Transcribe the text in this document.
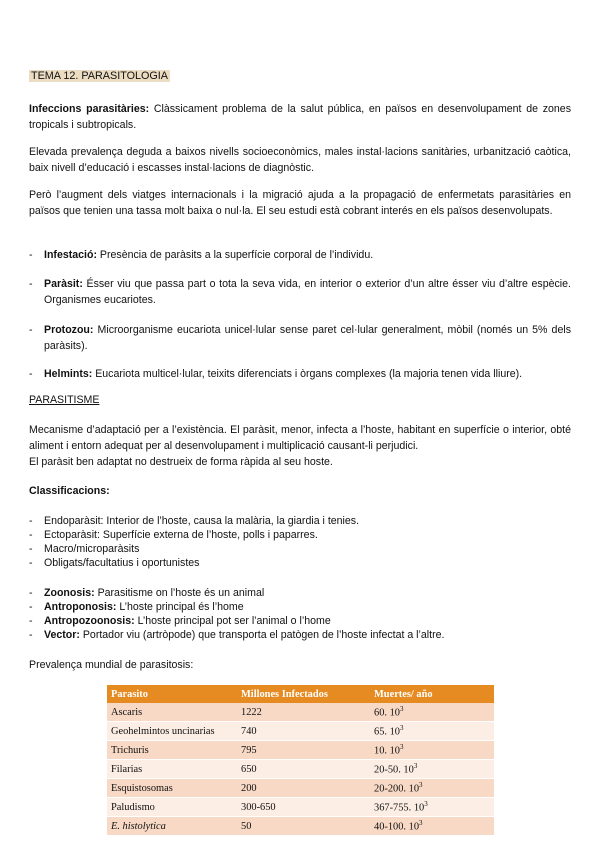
TEMA 12. PARASITOLOGIA
Infeccions parasitàries: Clàssicament problema de la salut pública, en països en desenvolupament de zones tropicals i subtropicals.
Elevada prevalença deguda a baixos nivells socioeconòmics, males instal·lacions sanitàries, urbanització caòtica, baix nivell d’educació i escasses instal·lacions de diagnòstic.
Però l’augment dels viatges internacionals i la migració ajuda a la propagació de enfermetats parasitàries en països que tenien una tassa molt baixa o nul·la. El seu estudi està cobrant interés en els països desenvolupats.
- Infestació: Presència de paràsits a la superfície corporal de l’individu.
- Paràsit: Ésser viu que passa part o tota la seva vida, en interior o exterior d’un altre ésser viu d’altre espècie. Organismes eucariotes.
- Protozou: Microorganisme eucariota unicel·lular sense paret cel·lular generalment, mòbil (només un 5% dels paràsits).
- Helmints: Eucariota multicel·lular, teixits diferenciats i òrgans complexes (la majoria tenen vida lliure).
PARASITISME
Mecanisme d’adaptació per a l’existència. El paràsit, menor, infecta a l’hoste, habitant en superfície o interior, obté aliment i entorn adequat per al desenvolupament i multiplicació causant-li perjudici.
El paràsit ben adaptat no destrueix de forma ràpida al seu hoste.
Classificacions:
- Endoparàsit: Interior de l’hoste, causa la malària, la giardia i tenies.
- Ectoparàsit: Superfície externa de l’hoste, polls i paparres.
- Macro/microparàsits
- Obligats/facultatius i oportunistes
- Zoonosis: Parasitisme on l’hoste és un animal
- Antroponosis: L’hoste principal és l’home
- Antropozoonosis: L’hoste principal pot ser l’animal o l’home
- Vector: Portador viu (artròpode) que transporta el patògen de l’hoste infectat a l’altre.
Prevalença mundial de parasitosis:
Parasito	Millones Infectados	Muertes/ año
Ascaris	1222	60. $10^3$
Geohelmintos uncinarias	740	65. $10^3$
Trichuris	795	10. $10^3$
Filarias	650	20-50. $10^3$
Esquistosomas	200	20-200. $10^3$
Paludismo	300-650	367-755. $10^3$
E. histolytica	50	40-100. $10^3$
